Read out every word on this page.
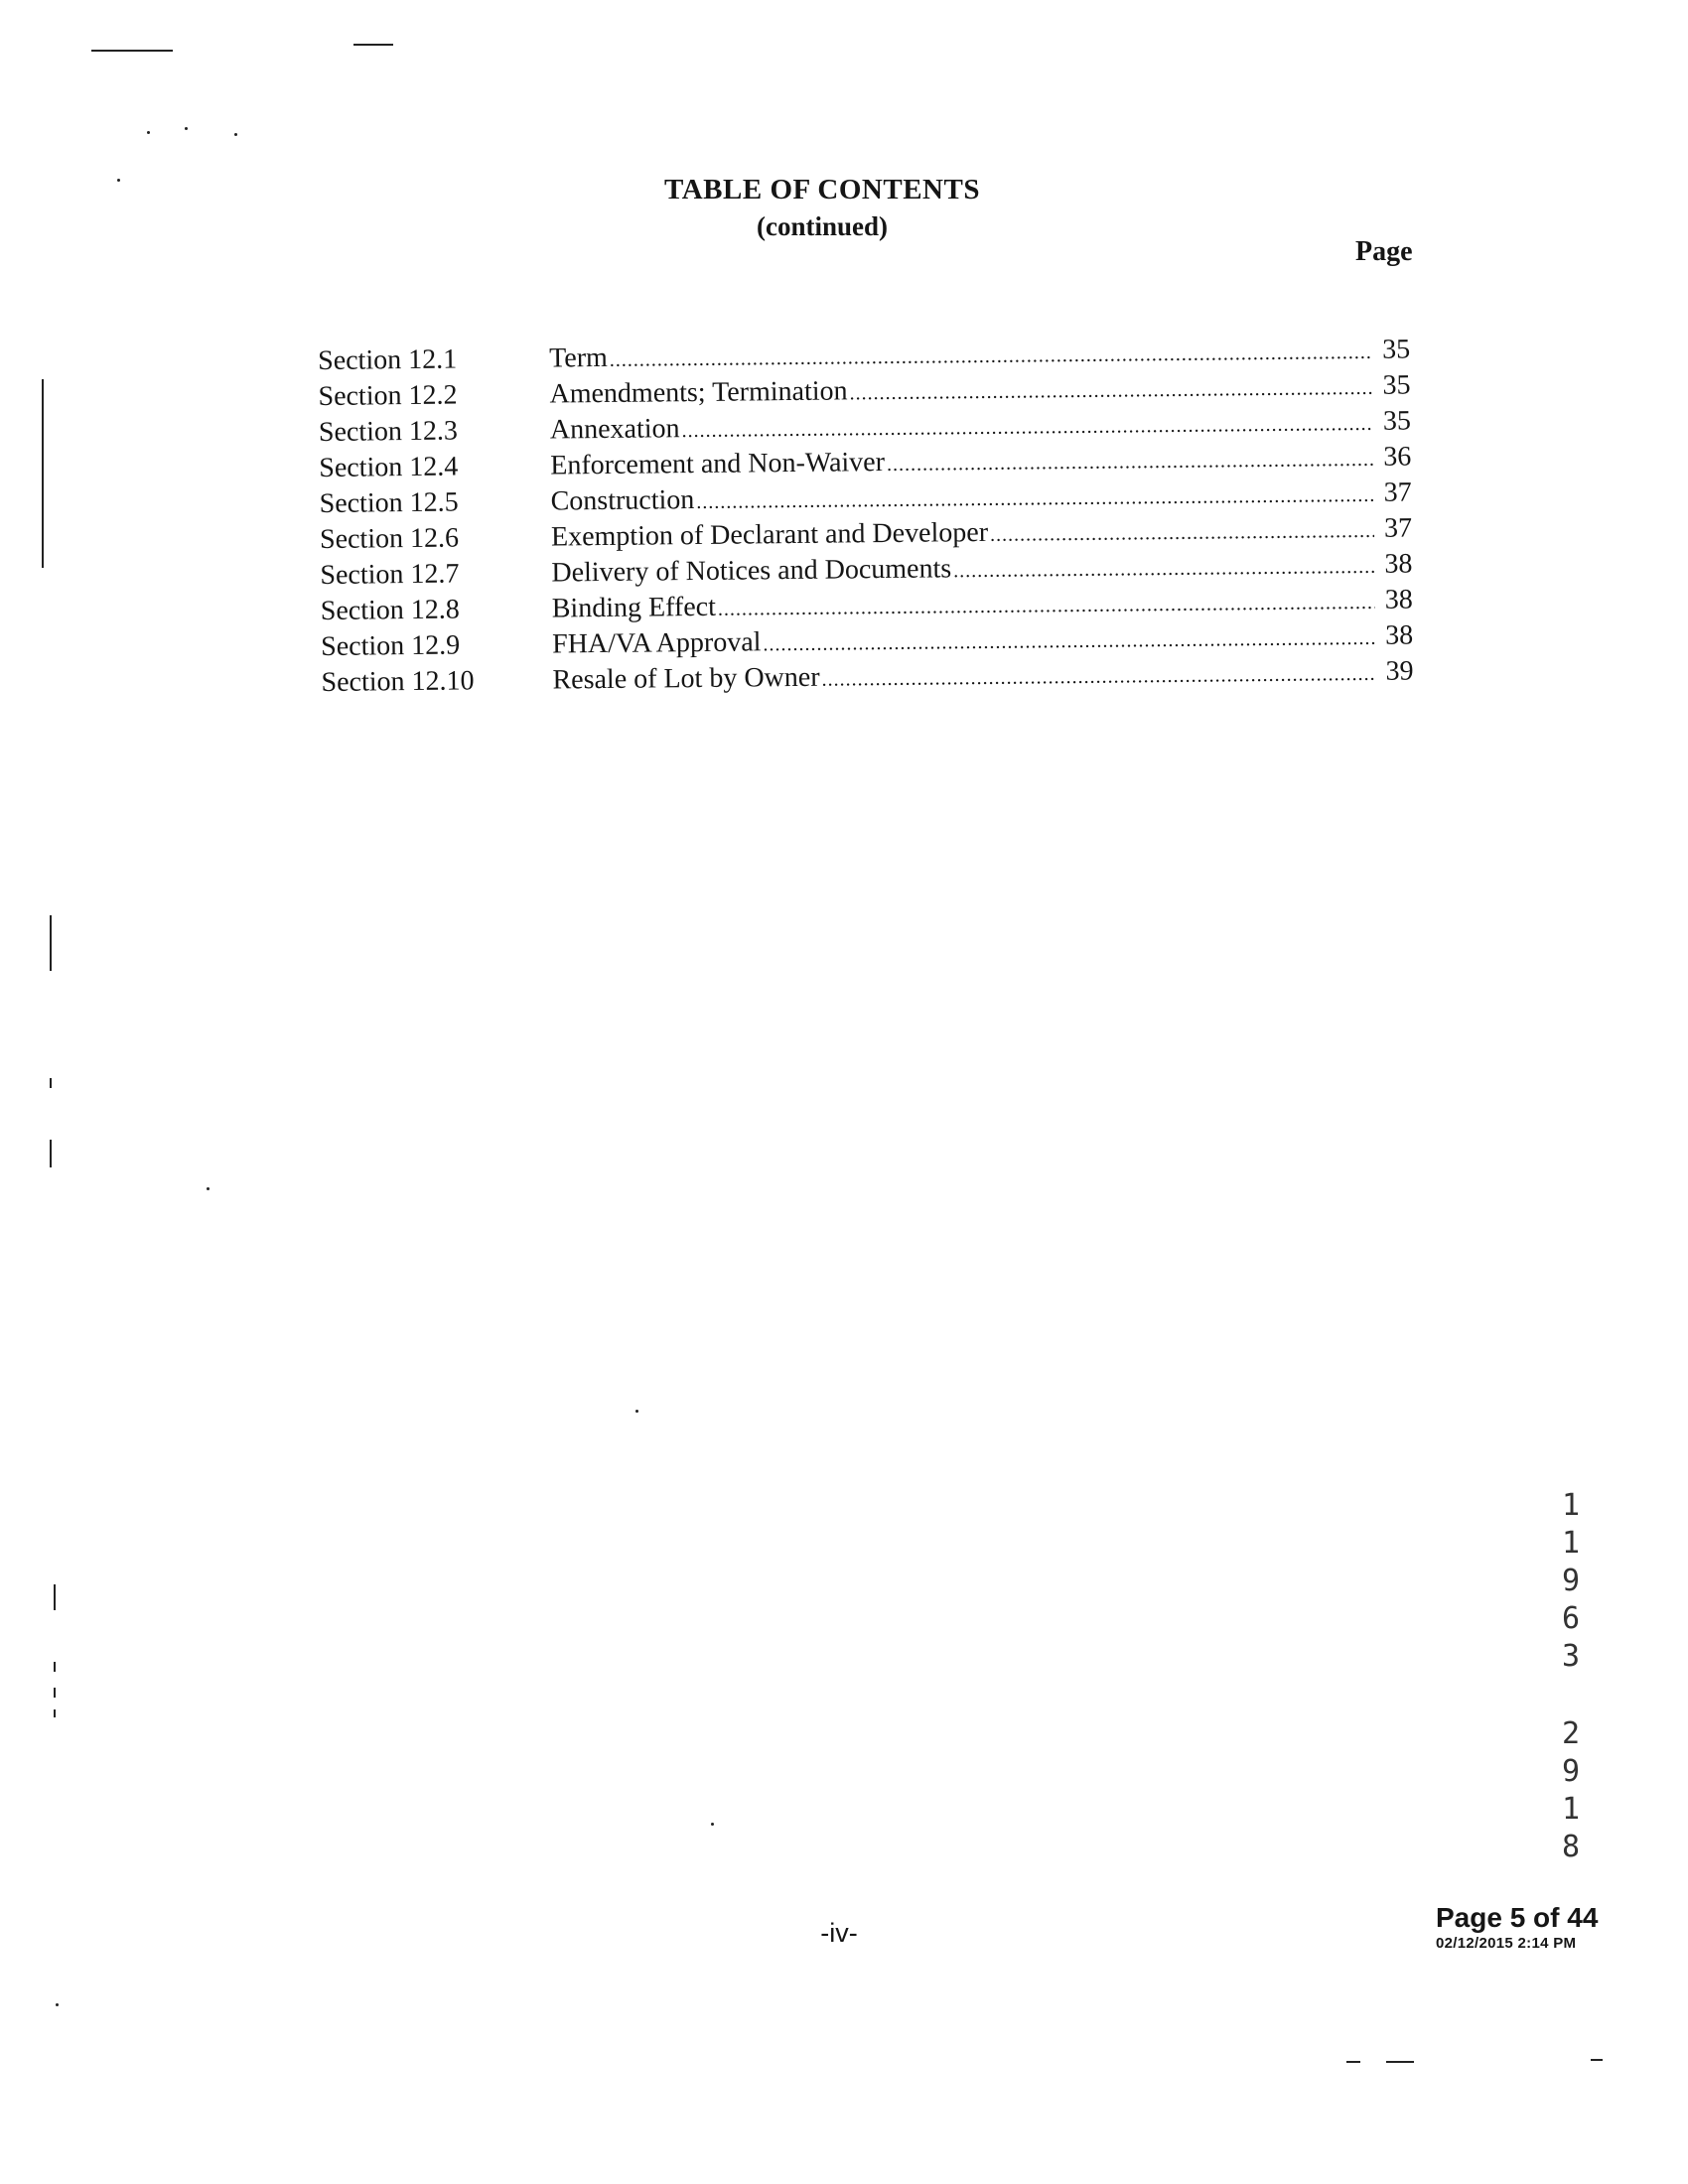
TABLE OF CONTENTS
(continued)
Page
Section 12.1	Term .....	35
Section 12.2	Amendments; Termination .....	35
Section 12.3	Annexation .....	35
Section 12.4	Enforcement and Non-Waiver .....	36
Section 12.5	Construction .....	37
Section 12.6	Exemption of Declarant and Developer .....	37
Section 12.7	Delivery of Notices and Documents .....	38
Section 12.8	Binding Effect .....	38
Section 12.9	FHA/VA Approval .....	38
Section 12.10	Resale of Lot by Owner .....	39
1
1
9
6
3
2
9
1
8
-iv-	Page 5 of 44
02/12/2015 2:14 PM
